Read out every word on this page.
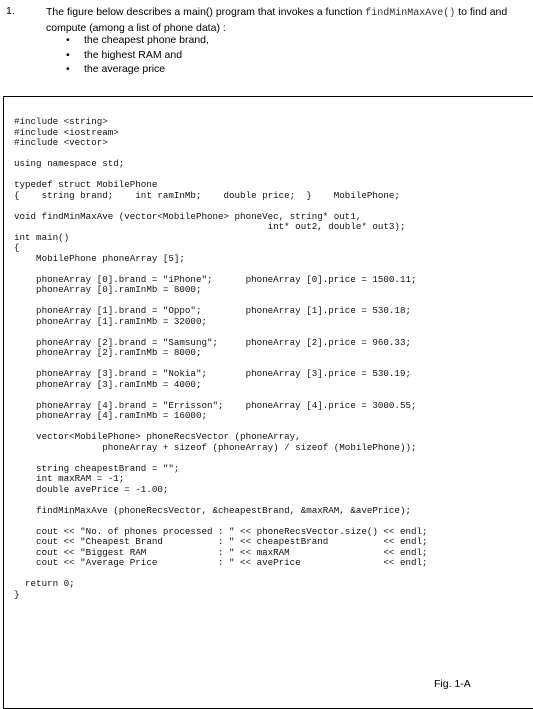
1.	The figure below describes a main() program that invokes a function findMinMaxAve() to find and compute (among a list of phone data) :
• the cheapest phone brand,
• the highest RAM and
• the average price
#include <string>
#include <iostream>
#include <vector>

using namespace std;

typedef struct MobilePhone
{    string brand;    int ramInMb;    double price;  }    MobilePhone;

void findMinMaxAve (vector<MobilePhone> phoneVec, string* out1,
int* out2, double* out3);
int main()
{
MobilePhone phoneArray [5];

phoneArray [0].brand = "iPhone";      phoneArray [0].price = 1500.11;
phoneArray [0].ramInMb = 8000;

phoneArray [1].brand = "Oppo";        phoneArray [1].price = 530.18;
phoneArray [1].ramInMb = 32000;

phoneArray [2].brand = "Samsung";     phoneArray [2].price = 960.33;
phoneArray [2].ramInMb = 8000;

phoneArray [3].brand = "Nokia";       phoneArray [3].price = 530.19;
phoneArray [3].ramInMb = 4000;

phoneArray [4].brand = "Errisson";    phoneArray [4].price = 3000.55;
phoneArray [4].ramInMb = 16000;

vector<MobilePhone> phoneRecsVector (phoneArray,
phoneArray + sizeof (phoneArray) / sizeof (MobilePhone));

string cheapestBrand = "";
int maxRAM = -1;
double avePrice = -1.00;

findMinMaxAve (phoneRecsVector, &cheapestBrand, &maxRAM, &avePrice);

cout << "No. of phones processed : " << phoneRecsVector.size() << endl;
cout << "Cheapest Brand          : " << cheapestBrand          << endl;
cout << "Biggest RAM             : " << maxRAM                 << endl;
cout << "Average Price           : " << avePrice               << endl;

return 0;
}
Fig. 1-A
